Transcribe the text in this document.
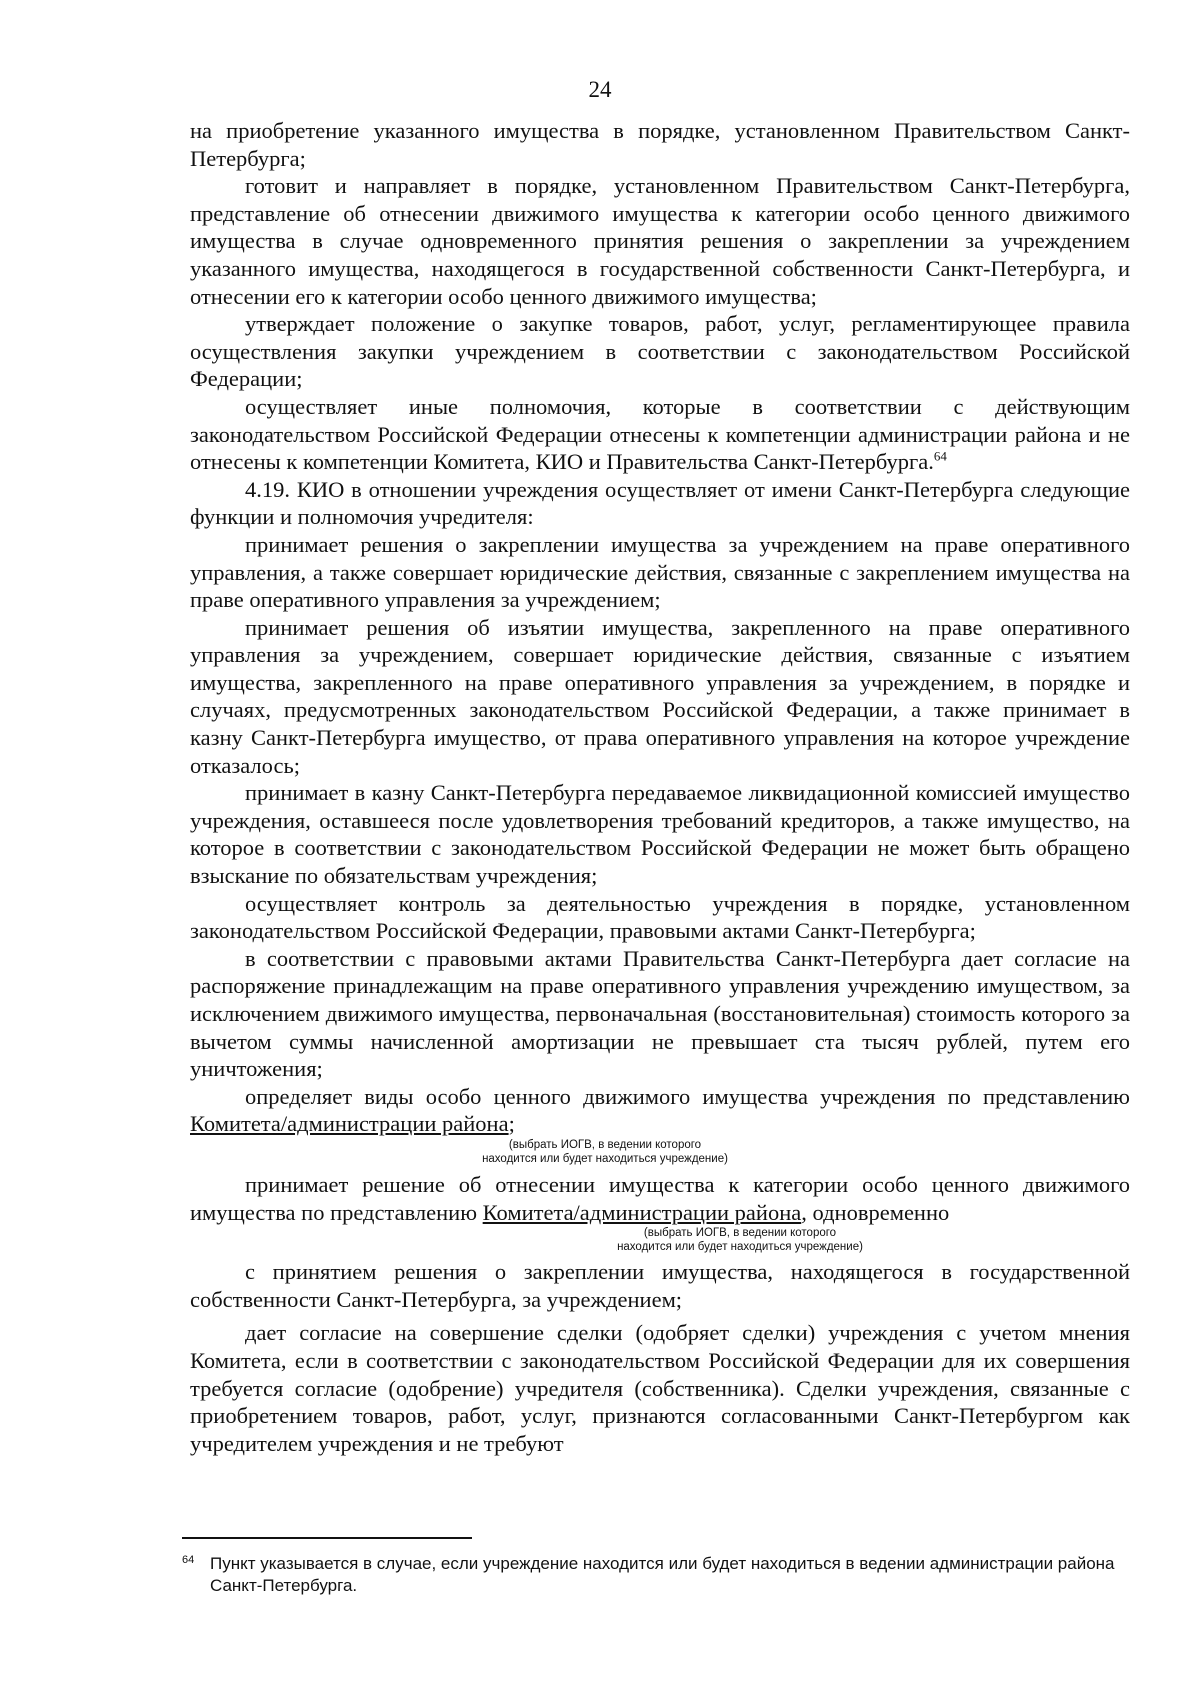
24

на приобретение указанного имущества в порядке, установленном Правительством Санкт-Петербурга;

готовит и направляет в порядке, установленном Правительством Санкт-Петербурга, представление об отнесении движимого имущества к категории особо ценного движимого имущества в случае одновременного принятия решения о закреплении за учреждением указанного имущества, находящегося в государственной собственности Санкт-Петербурга, и отнесении его к категории особо ценного движимого имущества;

утверждает положение о закупке товаров, работ, услуг, регламентирующее правила осуществления закупки учреждением в соответствии с законодательством Российской Федерации;

осуществляет иные полномочия, которые в соответствии с действующим законодательством Российской Федерации отнесены к компетенции администрации района и не отнесены к компетенции Комитета, КИО и Правительства Санкт-Петербурга.$^{64}$

4.19. КИО в отношении учреждения осуществляет от имени Санкт-Петербурга следующие функции и полномочия учредителя:

принимает решения о закреплении имущества за учреждением на праве оперативного управления, а также совершает юридические действия, связанные с закреплением имущества на праве оперативного управления за учреждением;

принимает решения об изъятии имущества, закрепленного на праве оперативного управления за учреждением, совершает юридические действия, связанные с изъятием имущества, закрепленного на праве оперативного управления за учреждением, в порядке и случаях, предусмотренных законодательством Российской Федерации, а также принимает в казну Санкт-Петербурга имущество, от права оперативного управления на которое учреждение отказалось;

принимает в казну Санкт-Петербурга передаваемое ликвидационной комиссией имущество учреждения, оставшееся после удовлетворения требований кредиторов, а также имущество, на которое в соответствии с законодательством Российской Федерации не может быть обращено взыскание по обязательствам учреждения;

осуществляет контроль за деятельностью учреждения в порядке, установленном законодательством Российской Федерации, правовыми актами Санкт-Петербурга;

в соответствии с правовыми актами Правительства Санкт-Петербурга дает согласие на распоряжение принадлежащим на праве оперативного управления учреждению имуществом, за исключением движимого имущества, первоначальная (восстановительная) стоимость которого за вычетом суммы начисленной амортизации не превышает ста тысяч рублей, путем его уничтожения;

определяет виды особо ценного движимого имущества учреждения по представлению Комитета/администрации района;

(выбрать ИОГВ, в ведении которого
находится или будет находиться учреждение)

принимает решение об отнесении имущества к категории особо ценного движимого имущества по представлению Комитета/администрации района, одновременно

(выбрать ИОГВ, в ведении которого
находится или будет находиться учреждение)

с принятием решения о закреплении имущества, находящегося в государственной собственности Санкт-Петербурга, за учреждением;

дает согласие на совершение сделки (одобряет сделки) учреждения с учетом мнения Комитета, если в соответствии с законодательством Российской Федерации для их совершения требуется согласие (одобрение) учредителя (собственника). Сделки учреждения, связанные с приобретением товаров, работ, услуг, признаются согласованными Санкт-Петербургом как учредителем учреждения и не требуют

64 Пункт указывается в случае, если учреждение находится или будет находиться в ведении администрации района Санкт-Петербурга.
